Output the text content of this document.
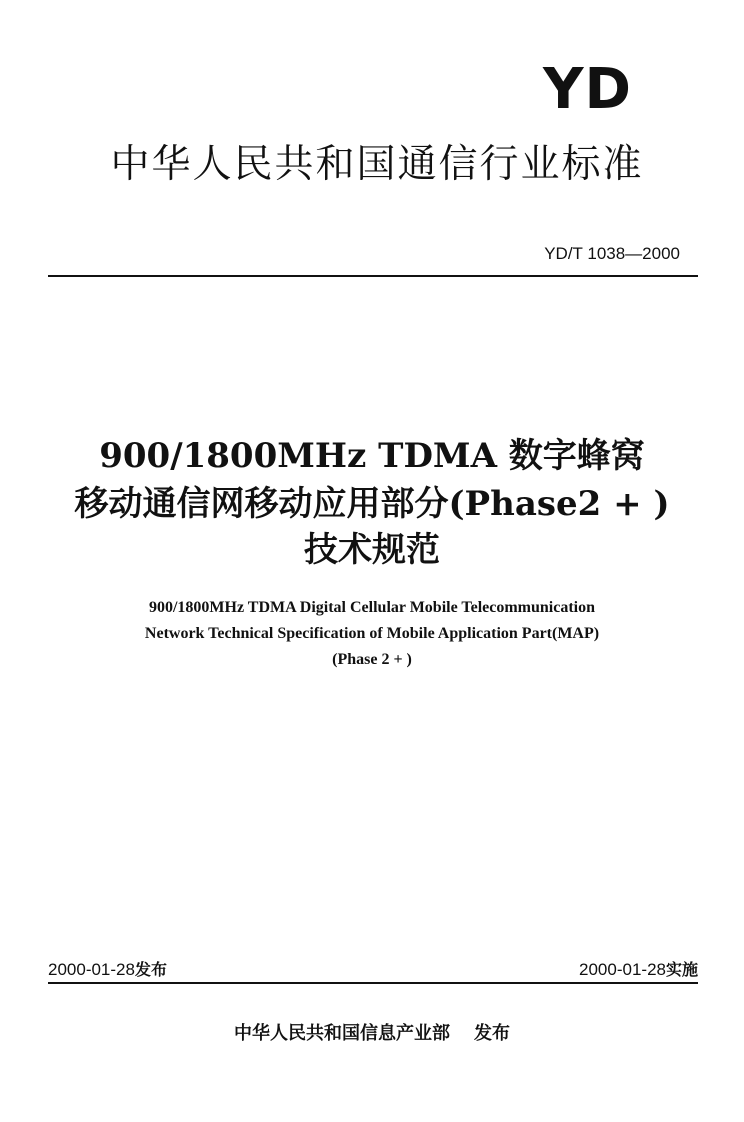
YD
中华人民共和国通信行业标准
YD/T 1038—2000
900/1800MHz TDMA 数字蜂窝
移动通信网移动应用部分(Phase2 + )
技术规范
900/1800MHz TDMA Digital Cellular Mobile Telecommunication
Network Technical Specification of Mobile Application Part(MAP)
(Phase 2 + )
2000-01-28发布	2000-01-28实施
中华人民共和国信息产业部 发布
